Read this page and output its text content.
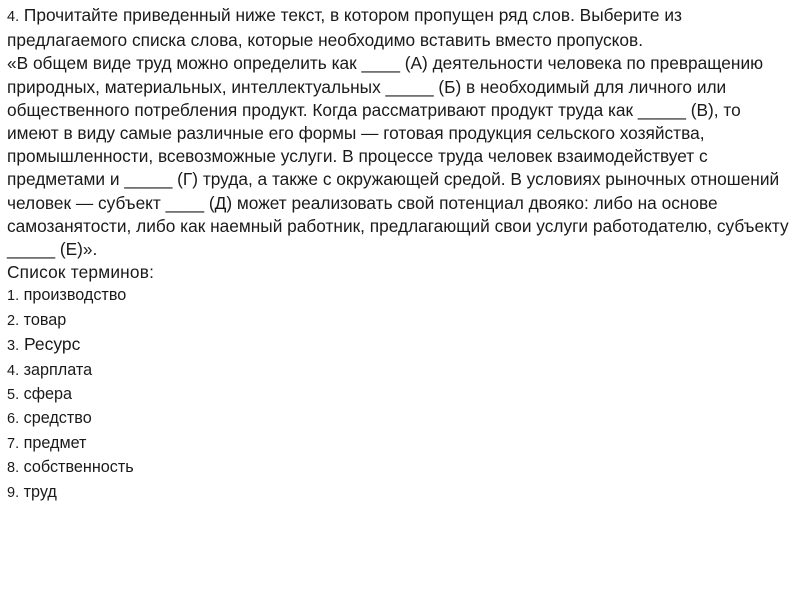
4. Прочитайте приведенный ниже текст, в котором пропущен ряд слов. Выберите из предлагаемого списка слова, которые необходимо вставить вместо пропусков.

«В общем виде труд можно определить как ____ (А) деятельности человека по превращению природных, материальных, интеллектуальных _____ (Б) в необходимый для личного или общественного потребления продукт. Когда рассматривают продукт труда как _____ (В), то имеют в виду самые различные его формы — готовая продукция сельского хозяйства, промышленности, всевозможные услуги. В процессе труда человек взаимодействует с предметами и _____ (Г) труда, а также с окружающей средой. В условиях рыночных отношений человек — субъект ____ (Д) может реализовать свой потенциал двояко: либо на основе самозанятости, либо как наемный работник, предлагающий свои услуги работодателю, субъекту _____ (Е)».

Список терминов:

1. производство
2. товар
3. Ресурс
4. зарплата
5. сфера
6. средство
7. предмет
8. собственность
9. труд
